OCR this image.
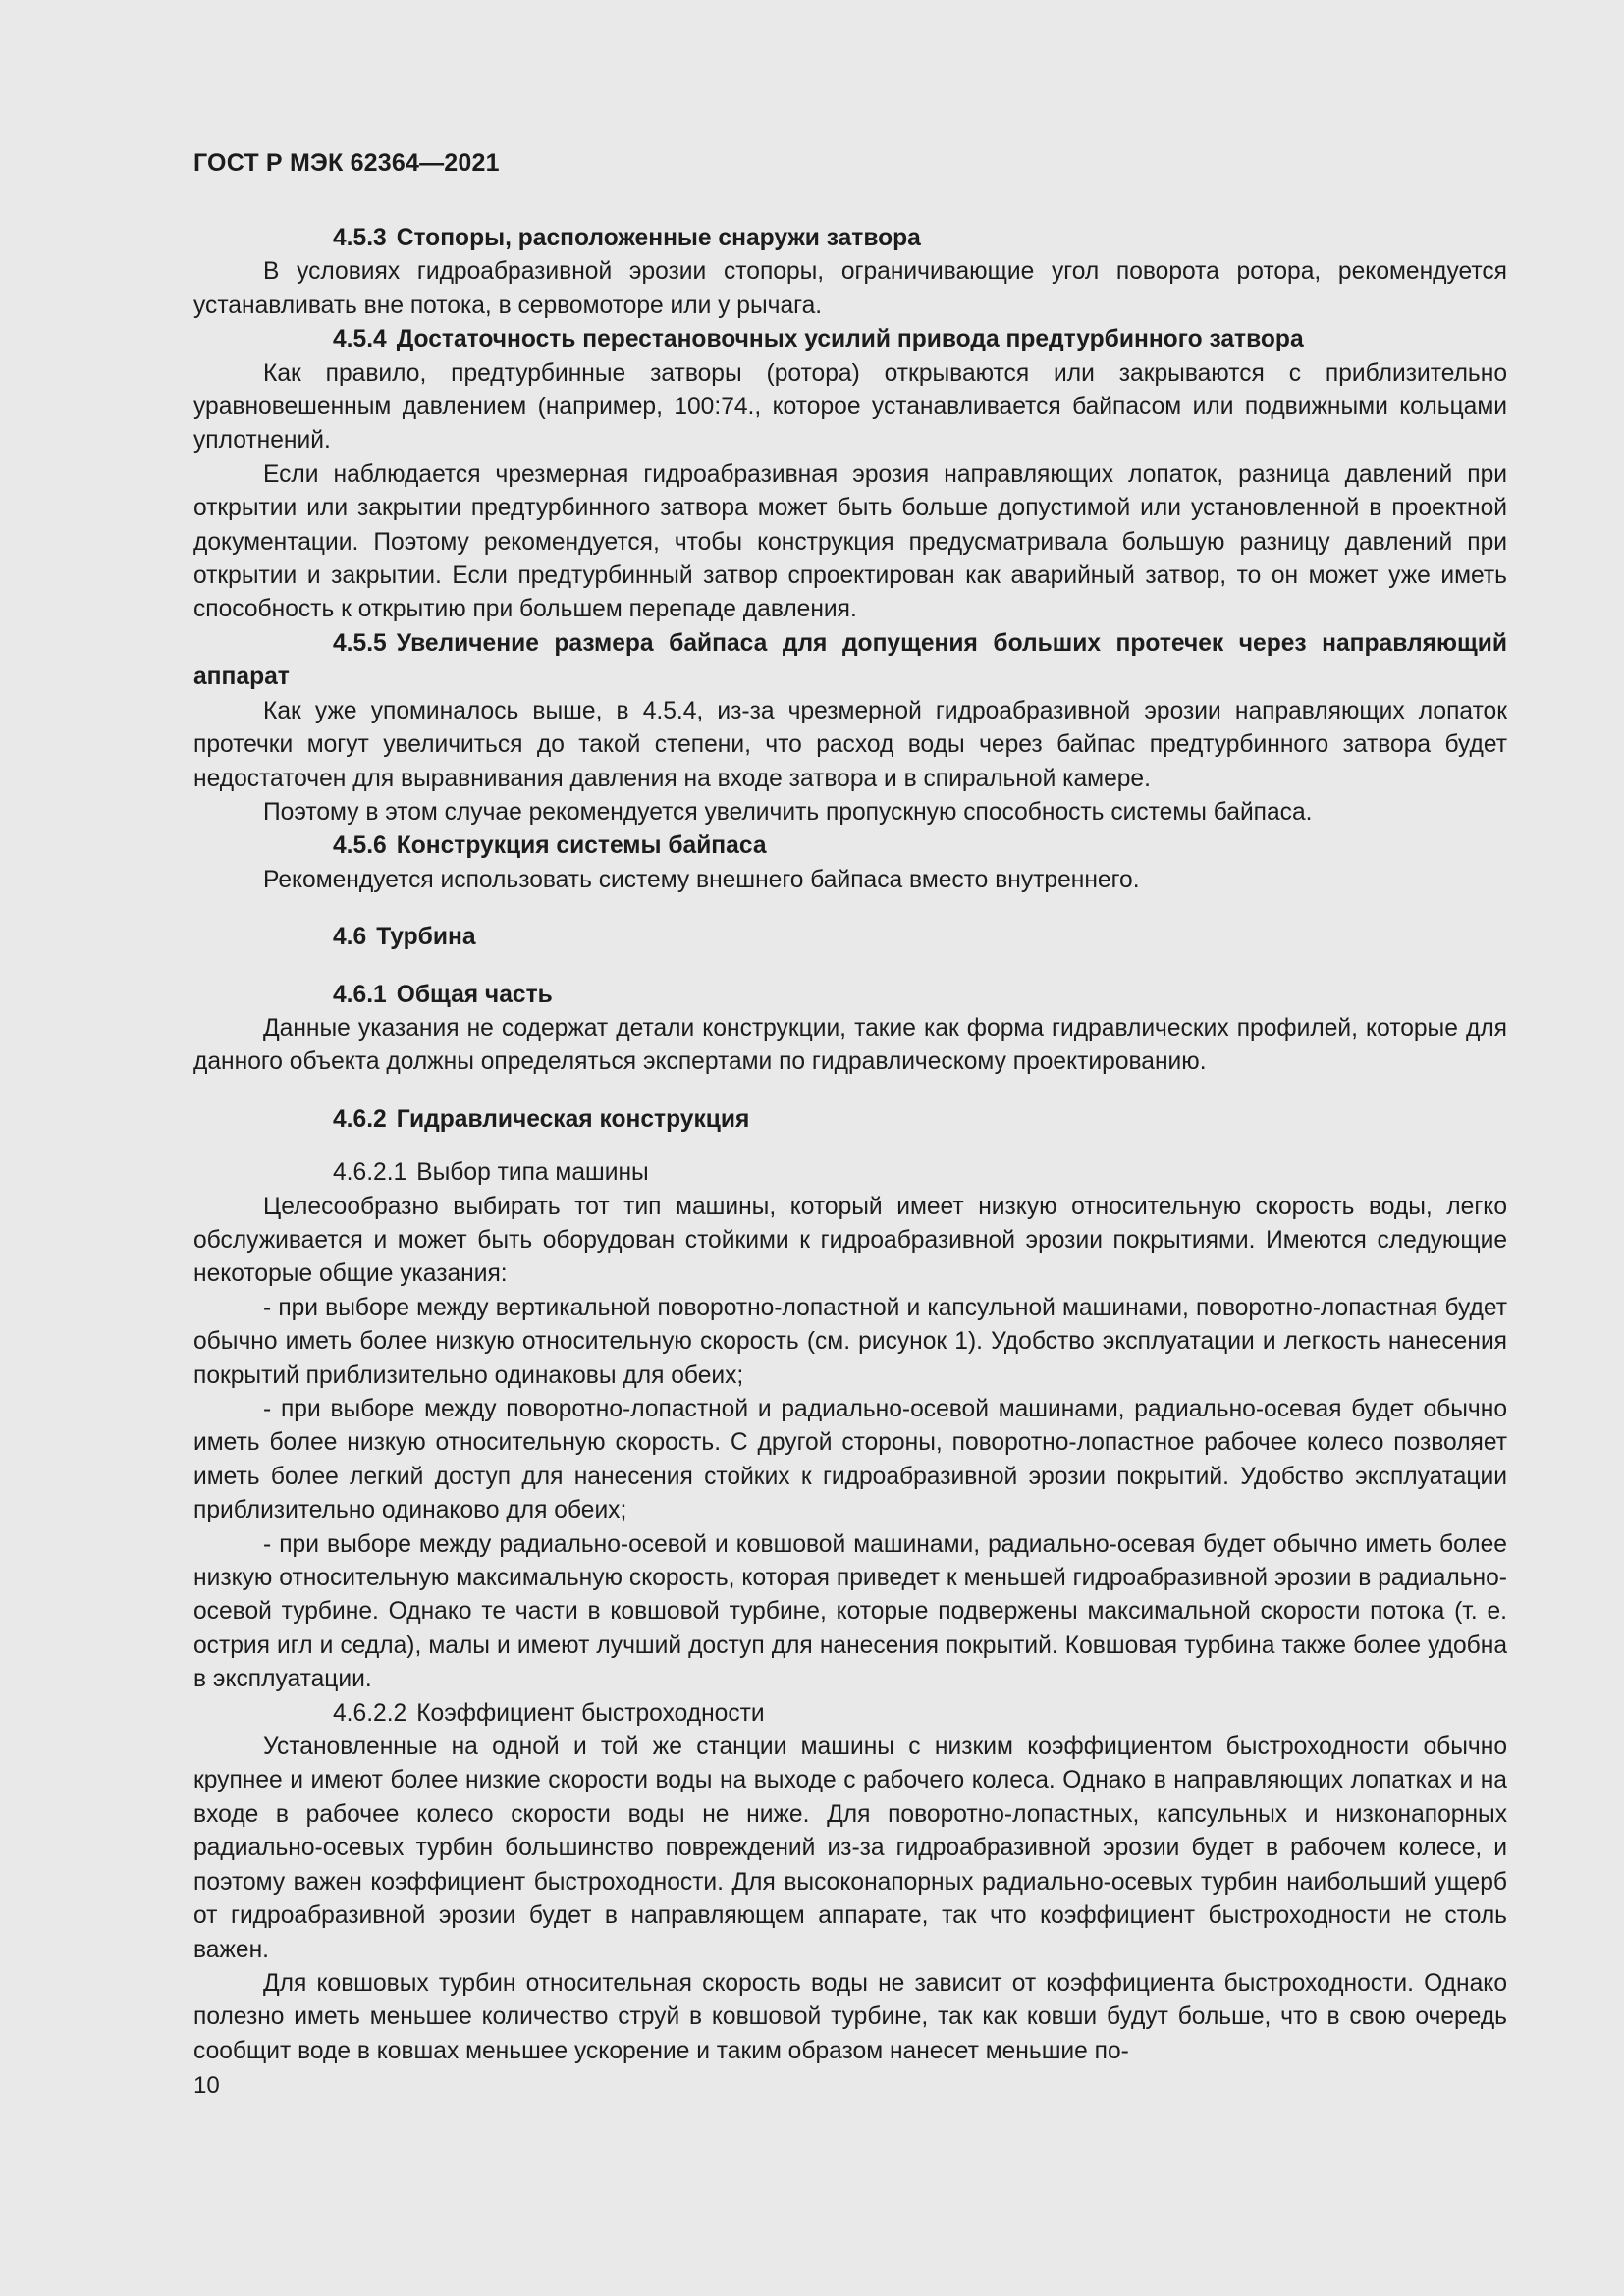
ГОСТ Р МЭК 62364—2021

4.5.3 Стопоры, расположенные снаружи затвора

В условиях гидроабразивной эрозии стопоры, ограничивающие угол поворота ротора, рекомендуется устанавливать вне потока, в сервомоторе или у рычага.

4.5.4 Достаточность перестановочных усилий привода предтурбинного затвора

Как правило, предтурбинные затворы (ротора) открываются или закрываются с приблизительно уравновешенным давлением (например, 100:74., которое устанавливается байпасом или подвижными кольцами уплотнений.

Если наблюдается чрезмерная гидроабразивная эрозия направляющих лопаток, разница давлений при открытии или закрытии предтурбинного затвора может быть больше допустимой или установленной в проектной документации. Поэтому рекомендуется, чтобы конструкция предусматривала большую разницу давлений при открытии и закрытии. Если предтурбинный затвор спроектирован как аварийный затвор, то он может уже иметь способность к открытию при большем перепаде давления.

4.5.5 Увеличение размера байпаса для допущения больших протечек через направляющий аппарат

Как уже упоминалось выше, в 4.5.4, из-за чрезмерной гидроабразивной эрозии направляющих лопаток протечки могут увеличиться до такой степени, что расход воды через байпас предтурбинного затвора будет недостаточен для выравнивания давления на входе затвора и в спиральной камере.

Поэтому в этом случае рекомендуется увеличить пропускную способность системы байпаса.

4.5.6 Конструкция системы байпаса

Рекомендуется использовать систему внешнего байпаса вместо внутреннего.

4.6 Турбина

4.6.1 Общая часть

Данные указания не содержат детали конструкции, такие как форма гидравлических профилей, которые для данного объекта должны определяться экспертами по гидравлическому проектированию.

4.6.2 Гидравлическая конструкция

4.6.2.1 Выбор типа машины

Целесообразно выбирать тот тип машины, который имеет низкую относительную скорость воды, легко обслуживается и может быть оборудован стойкими к гидроабразивной эрозии покрытиями. Имеются следующие некоторые общие указания:

- при выборе между вертикальной поворотно-лопастной и капсульной машинами, поворотно-лопастная будет обычно иметь более низкую относительную скорость (см. рисунок 1). Удобство эксплуатации и легкость нанесения покрытий приблизительно одинаковы для обеих;

- при выборе между поворотно-лопастной и радиально-осевой машинами, радиально-осевая будет обычно иметь более низкую относительную скорость. С другой стороны, поворотно-лопастное рабочее колесо позволяет иметь более легкий доступ для нанесения стойких к гидроабразивной эрозии покрытий. Удобство эксплуатации приблизительно одинаково для обеих;

- при выборе между радиально-осевой и ковшовой машинами, радиально-осевая будет обычно иметь более низкую относительную максимальную скорость, которая приведет к меньшей гидроабразивной эрозии в радиально-осевой турбине. Однако те части в ковшовой турбине, которые подвержены максимальной скорости потока (т. е. острия игл и седла), малы и имеют лучший доступ для нанесения покрытий. Ковшовая турбина также более удобна в эксплуатации.

4.6.2.2 Коэффициент быстроходности

Установленные на одной и той же станции машины с низким коэффициентом быстроходности обычно крупнее и имеют более низкие скорости воды на выходе с рабочего колеса. Однако в направляющих лопатках и на входе в рабочее колесо скорости воды не ниже. Для поворотно-лопастных, капсульных и низконапорных радиально-осевых турбин большинство повреждений из-за гидроабразивной эрозии будет в рабочем колесе, и поэтому важен коэффициент быстроходности. Для высоконапорных радиально-осевых турбин наибольший ущерб от гидроабразивной эрозии будет в направляющем аппарате, так что коэффициент быстроходности не столь важен.

Для ковшовых турбин относительная скорость воды не зависит от коэффициента быстроходности. Однако полезно иметь меньшее количество струй в ковшовой турбине, так как ковши будут больше, что в свою очередь сообщит воде в ковшах меньшее ускорение и таким образом нанесет меньшие по-

10
